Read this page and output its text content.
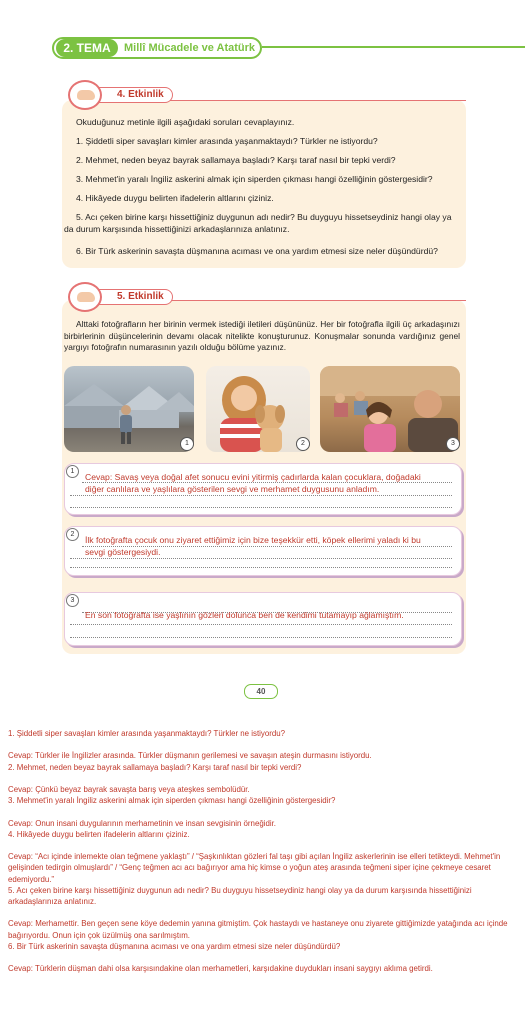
2. TEMA	Millî Mücadele ve Atatürk
4. Etkinlik
Okuduğunuz metinle ilgili aşağıdaki soruları cevaplayınız.
1. Şiddetli siper savaşları kimler arasında yaşanmaktaydı? Türkler ne istiyordu?
2. Mehmet, neden beyaz bayrak sallamaya başladı? Karşı taraf nasıl bir tepki verdi?
3. Mehmet'in yaralı İngiliz askerini almak için siperden çıkması hangi özelliğinin göstergesidir?
4. Hikâyede duygu belirten ifadelerin altlarını çiziniz.
5. Acı çeken birine karşı hissettiğiniz duygunun adı nedir? Bu duyguyu hissetseydiniz hangi olay ya da durum karşısında hissettiğinizi arkadaşlarınıza anlatınız.
6. Bir Türk askerinin savaşta düşmanına acıması ve ona yardım etmesi size neler düşündürdü?
5. Etkinlik
Alttaki fotoğrafların her birinin vermek istediği iletileri düşününüz. Her bir fotoğrafla ilgili üç arkadaşınızı birbirlerinin düşüncelerinin devamı olacak nitelikte konuşturunuz. Konuşmalar sonunda vardığınız genel yargıyı fotoğrafın numarasının yazılı olduğu bölüme yazınız.
1	2	3
1
Cevap: Savaş veya doğal afet sonucu evini yitirmiş çadırlarda kalan çocuklara, doğadaki diğer canlılara ve yaşlılara gösterilen sevgi ve merhamet duygusunu anladım.
2
İlk fotoğrafta çocuk onu ziyaret ettiğimiz için bize teşekkür etti, köpek ellerimi yaladı ki bu sevgi göstergesiydi.
3
En son fotoğrafta ise yaşlının gözleri dolunca ben de kendimi tutamayıp ağlamıştım.
40

1. Şiddetli siper savaşları kimler arasında yaşanmaktaydı? Türkler ne istiyordu?

Cevap: Türkler ile İngilizler arasında. Türkler düşmanın gerilemesi ve savaşın ateşin durmasını istiyordu.

2. Mehmet, neden beyaz bayrak sallamaya başladı? Karşı taraf nasıl bir tepki verdi?

Cevap: Çünkü beyaz bayrak savaşta barış veya ateşkes sembolüdür.

3. Mehmet'in yaralı İngiliz askerini almak için siperden çıkması hangi özelliğinin göstergesidir?

Cevap: Onun insani duygularının merhametinin ve insan sevgisinin örneğidir.

4. Hikâyede duygu belirten ifadelerin altlarını çiziniz.

Cevap: “Acı içinde inlemekte olan teğmene yaklaştı” / “Şaşkınlıktan gözleri fal taşı gibi açılan İngiliz askerlerinin ise elleri tetikteydi. Mehmet'in gelişinden tedirgin olmuşlardı” / “Genç teğmen acı acı bağırıyor ama hiç kimse o yoğun ateş arasında teğmeni siper içine çekmeye cesaret edemiyordu.”

5. Acı çeken birine karşı hissettiğiniz duygunun adı nedir? Bu duyguyu hissetseydiniz hangi olay ya da durum karşısında hissettiğinizi arkadaşlarınıza anlatınız.

Cevap: Merhamettir. Ben geçen sene köye dedemin yanına gitmiştim. Çok hastaydı ve hastaneye onu ziyarete gittiğimizde yatağında acı içinde bağırıyordu. Onun için çok üzülmüş ona sarılmıştım.

6. Bir Türk askerinin savaşta düşmanına acıması ve ona yardım etmesi size neler düşündürdü?

Cevap: Türklerin düşman dahi olsa karşısındakine olan merhametleri, karşıdakine duydukları insani saygıyı aklıma getirdi.
